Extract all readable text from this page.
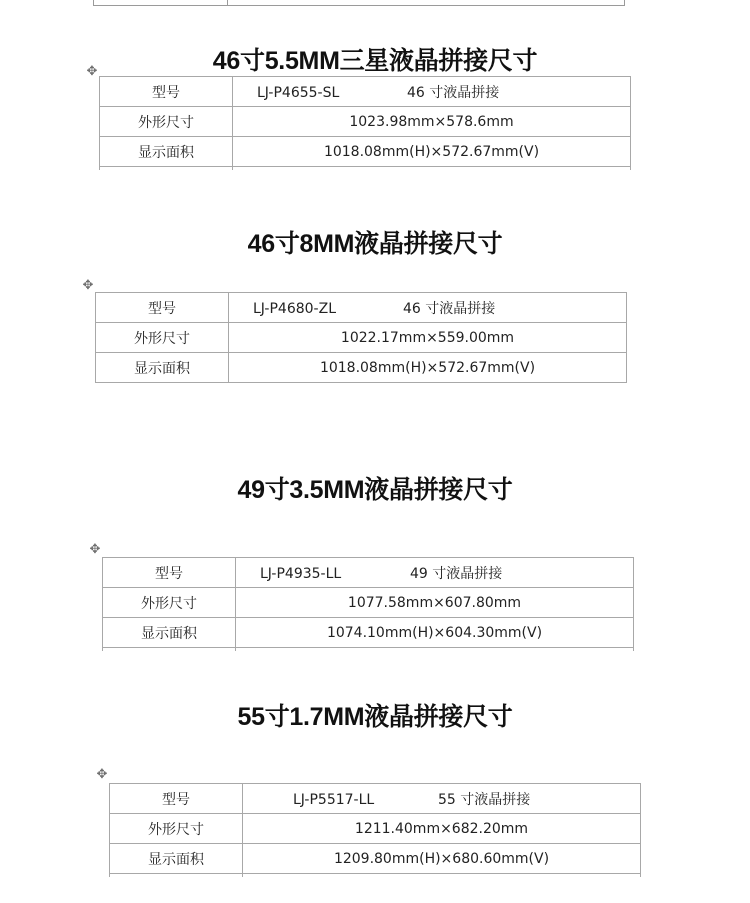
46寸5.5MM三星液晶拼接尺寸
✥
型号	LJ-P4655-SL 46 寸液晶拼接
外形尺寸	1023.98mm×578.6mm
显示面积	1018.08mm(H)×572.67mm(V)

46寸8MM液晶拼接尺寸
✥
型号	LJ-P4680-ZL 46 寸液晶拼接
外形尺寸	1022.17mm×559.00mm
显示面积	1018.08mm(H)×572.67mm(V)
49寸3.5MM液晶拼接尺寸
✥
型号	LJ-P4935-LL 49 寸液晶拼接
外形尺寸	1077.58mm×607.80mm
显示面积	1074.10mm(H)×604.30mm(V)

55寸1.7MM液晶拼接尺寸
✥
型号	LJ-P5517-LL 55 寸液晶拼接
外形尺寸	1211.40mm×682.20mm
显示面积	1209.80mm(H)×680.60mm(V)
